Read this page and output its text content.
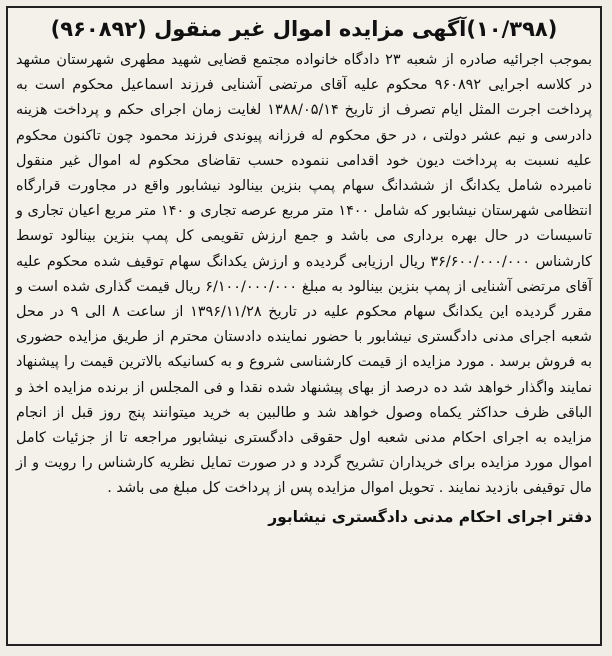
(۱۰/۳۹۸)آگهی مزایده اموال غیر منقول (۹۶۰۸۹۲)

بموجب اجرائیه صادره از شعبه ۲۳ دادگاه خانواده مجتمع قضایی شهید مطهری شهرستان مشهد در کلاسه اجرایی ۹۶۰۸۹۲ محکوم علیه آقای مرتضی آشنایی فرزند اسماعیل محکوم است به پرداخت اجرت المثل ایام تصرف از تاریخ ۱۳۸۸/۰۵/۱۴ لغایت زمان اجرای حکم و پرداخت هزینه دادرسی و نیم عشر دولتی ، در حق محکوم له فرزانه پیوندی فرزند محمود چون تاکنون محکوم علیه نسبت به پرداخت دیون خود اقدامی ننموده حسب تقاضای محکوم له اموال غیر منقول نامبرده شامل یکدانگ از ششدانگ سهام پمپ بنزین بینالود نیشابور واقع در مجاورت قرارگاه انتظامی شهرستان نیشابور که شامل ۱۴۰۰ متر مربع عرصه تجاری و ۱۴۰ متر مربع اعیان تجاری و تاسیسات در حال بهره برداری می باشد و جمع ارزش تقویمی کل پمپ بنزین بینالود توسط کارشناس ۳۶/۶۰۰/۰۰۰/۰۰۰ ریال ارزیابی گردیده و ارزش یکدانگ سهام توقیف شده محکوم علیه آقای مرتضی آشنایی از پمپ بنزین بینالود به مبلغ ۶/۱۰۰/۰۰۰/۰۰۰ ریال قیمت گذاری شده است و مقرر گردیده این یکدانگ سهام محکوم علیه در تاریخ ۱۳۹۶/۱۱/۲۸ از ساعت ۸ الی ۹ در محل شعبه اجرای مدنی دادگستری نیشابور با حضور نماینده دادستان محترم از طریق مزایده حضوری به فروش برسد . مورد مزایده از قیمت کارشناسی شروع و به کسانیکه بالاترین قیمت را پیشنهاد نمایند واگذار خواهد شد ده درصد از بهای پیشنهاد شده نقدا و فی المجلس از برنده مزایده اخذ و الباقی ظرف حداکثر یکماه وصول خواهد شد و طالبین به خرید میتوانند پنج روز قبل از انجام مزایده به اجرای احکام مدنی شعبه اول حقوقی دادگستری نیشابور مراجعه تا از جزئیات کامل اموال مورد مزایده برای خریداران تشریح گردد و در صورت تمایل نظریه کارشناس را رویت و از مال توقیفی بازدید نمایند . تحویل اموال مزایده پس از پرداخت کل مبلغ می باشد .

دفتر اجرای احکام مدنی دادگستری نیشابور
